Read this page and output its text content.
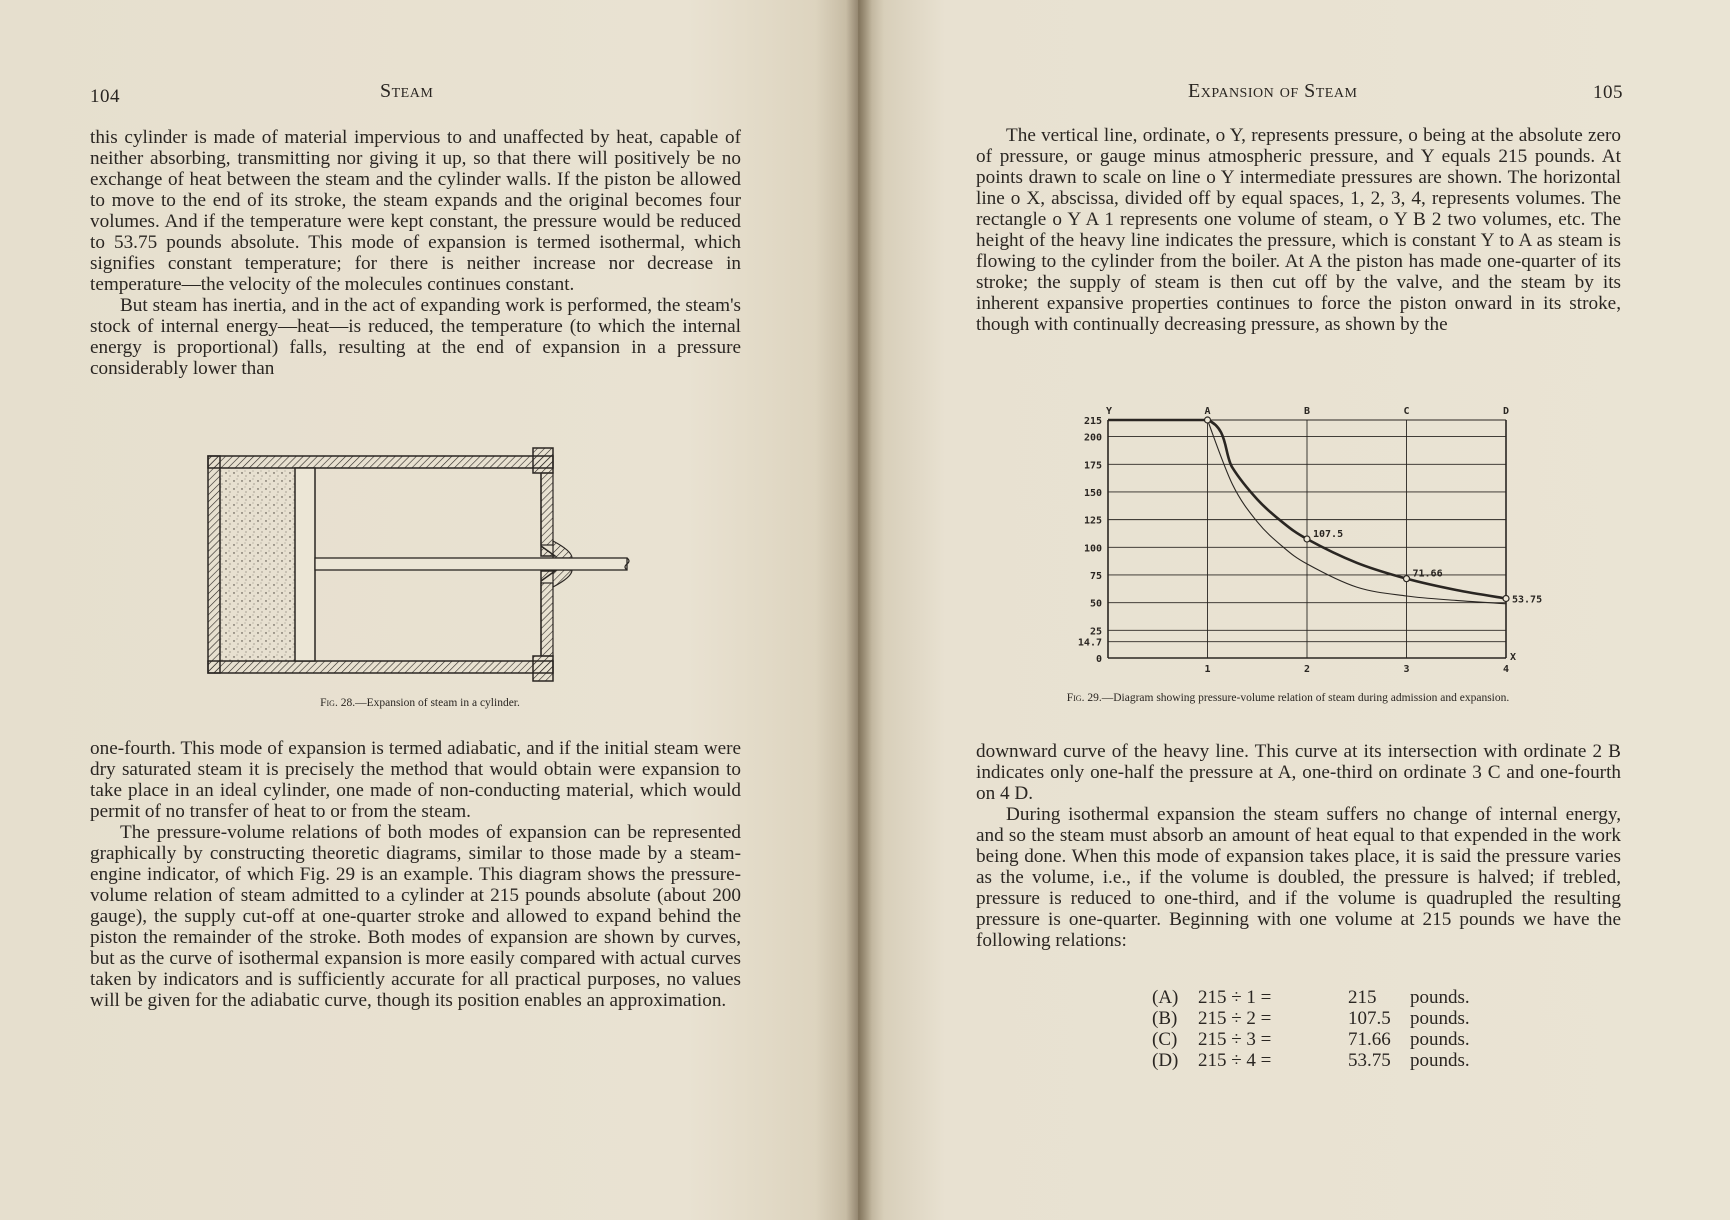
104	Steam

this cylinder is made of material impervious to and unaffected by heat, capable of neither absorbing, transmitting nor giving it up, so that there will positively be no exchange of heat between the steam and the cylinder walls. If the piston be allowed to move to the end of its stroke, the steam expands and the original becomes four volumes. And if the temperature were kept constant, the pressure would be reduced to 53.75 pounds absolute. This mode of expansion is termed isothermal, which signifies constant temperature; for there is neither increase nor decrease in temperature—the velocity of the molecules continues constant.

But steam has inertia, and in the act of expanding work is performed, the steam's stock of internal energy—heat—is reduced, the temperature (to which the internal energy is proportional) falls, resulting at the end of expansion in a pressure considerably lower than

Fig. 28.—Expansion of steam in a cylinder.

one-fourth. This mode of expansion is termed adiabatic, and if the initial steam were dry saturated steam it is precisely the method that would obtain were expansion to take place in an ideal cylinder, one made of non-conducting material, which would permit of no transfer of heat to or from the steam.

The pressure-volume relations of both modes of expansion can be represented graphically by constructing theoretic diagrams, similar to those made by a steam-engine indicator, of which Fig. 29 is an example. This diagram shows the pressure-volume relation of steam admitted to a cylinder at 215 pounds absolute (about 200 gauge), the supply cut-off at one-quarter stroke and allowed to expand behind the piston the remainder of the stroke. Both modes of expansion are shown by curves, but as the curve of isothermal expansion is more easily compared with actual curves taken by indicators and is sufficiently accurate for all practical purposes, no values will be given for the adiabatic curve, though its position enables an approximation.

Expansion of Steam	105

The vertical line, ordinate, o Y, represents pressure, o being at the absolute zero of pressure, or gauge minus atmospheric pressure, and Y equals 215 pounds. At points drawn to scale on line o Y intermediate pressures are shown. The horizontal line o X, abscissa, divided off by equal spaces, 1, 2, 3, 4, represents volumes. The rectangle o Y A 1 represents one volume of steam, o Y B 2 two volumes, etc. The height of the heavy line indicates the pressure, which is constant Y to A as steam is flowing to the cylinder from the boiler. At A the piston has made one-quarter of its stroke; the supply of steam is then cut off by the valve, and the steam by its inherent expansive properties continues to force the piston onward in its stroke, though with continually decreasing pressure, as shown by the

0
14.7
25
50
75
100
125
150
175
200
215
1	2	3	4
A	B	C	D
Y
X
107.5
71.66
53.75
Fig. 29.—Diagram showing pressure-volume relation of steam during admission and expansion.

downward curve of the heavy line. This curve at its intersection with ordinate 2 B indicates only one-half the pressure at A, one-third on ordinate 3 C and one-fourth on 4 D.

During isothermal expansion the steam suffers no change of internal energy, and so the steam must absorb an amount of heat equal to that expended in the work being done. When this mode of expansion takes place, it is said the pressure varies as the volume, i.e., if the volume is doubled, the pressure is halved; if trebled, pressure is reduced to one-third, and if the volume is quadrupled the resulting pressure is one-quarter. Beginning with one volume at 215 pounds we have the following relations:

(A) 215 ÷ 1 =	215 pounds.
(B) 215 ÷ 2 =	107.5 pounds.
(C) 215 ÷ 3 =	71.66 pounds.
(D) 215 ÷ 4 =	53.75 pounds.
